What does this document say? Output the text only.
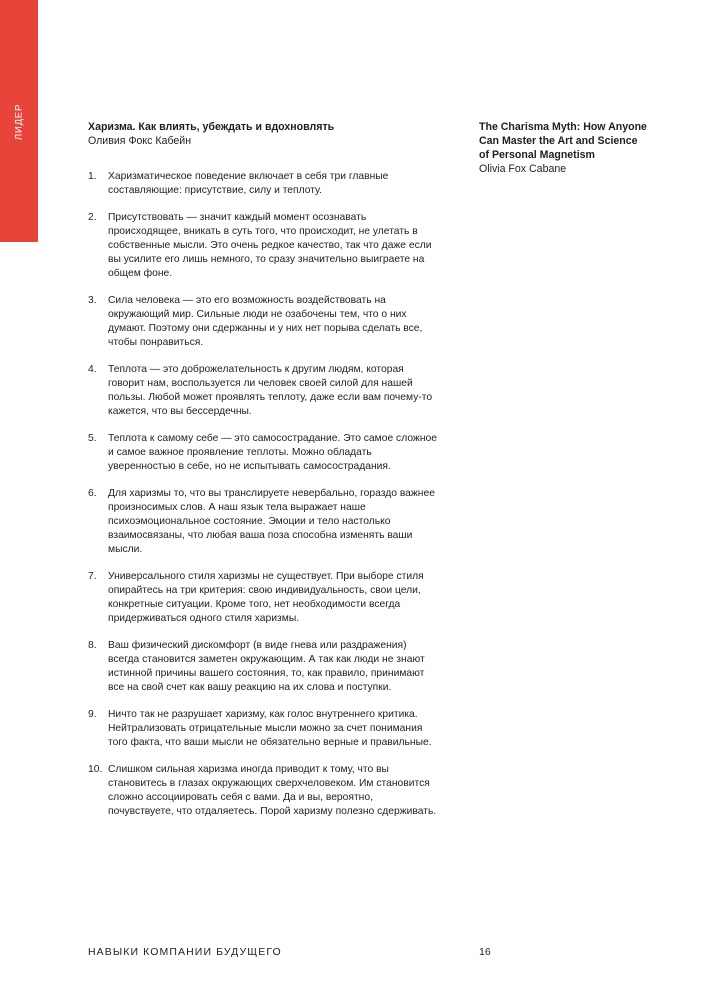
ЛИДЕР	Харизма. Как влиять, убеждать и вдохновлять
Оливия Фокс Кабейн
1. Харизматическое поведение включает в себя три главные составляющие: присутствие, силу и теплоту.
2. Присутствовать — значит каждый момент осознавать происходящее, вникать в суть того, что происходит, не улетать в собственные мысли. Это очень редкое качество, так что даже если вы усилите его лишь немного, то сразу значительно выиграете на общем фоне.
3. Сила человека — это его возможность воздействовать на окружающий мир. Сильные люди не озабочены тем, что о них думают. Поэтому они сдержанны и у них нет порыва сделать все, чтобы понравиться.
4. Теплота — это доброжелательность к другим людям, которая говорит нам, воспользуется ли человек своей силой для нашей пользы. Любой может проявлять теплоту, даже если вам почему-то кажется, что вы бессердечны.
5. Теплота к самому себе — это самосострадание. Это самое сложное и самое важное проявление теплоты. Можно обладать уверенностью в себе, но не испытывать самосострадания.
6. Для харизмы то, что вы транслируете невербально, гораздо важнее произносимых слов. А наш язык тела выражает наше психоэмоциональное состояние. Эмоции и тело настолько взаимосвязаны, что любая ваша поза способна изменять ваши мысли.
7. Универсального стиля харизмы не существует. При выборе стиля опирайтесь на три критерия: свою индивидуальность, свои цели, конкретные ситуации. Кроме того, нет необходимости всегда придерживаться одного стиля харизмы.
8. Ваш физический дискомфорт (в виде гнева или раздражения) всегда становится заметен окружающим. А так как люди не знают истинной причины вашего состояния, то, как правило, принимают все на свой счет как вашу реакцию на их слова и поступки.
9. Ничто так не разрушает харизму, как голос внутреннего критика. Нейтрализовать отрицательные мысли можно за счет понимания того факта, что ваши мысли не обязательно верные и правильные.
10. Слишком сильная харизма иногда приводит к тому, что вы становитесь в глазах окружающих сверхчеловеком. Им становится сложно ассоциировать себя с вами. Да и вы, вероятно, почувствуете, что отдаляетесь. Порой харизму полезно сдерживать.
The Charisma Myth: How Anyone Can Master the Art and Science of Personal Magnetism
Olivia Fox Cabane
НАВЫКИ КОМПАНИИ БУДУЩЕГО	16
